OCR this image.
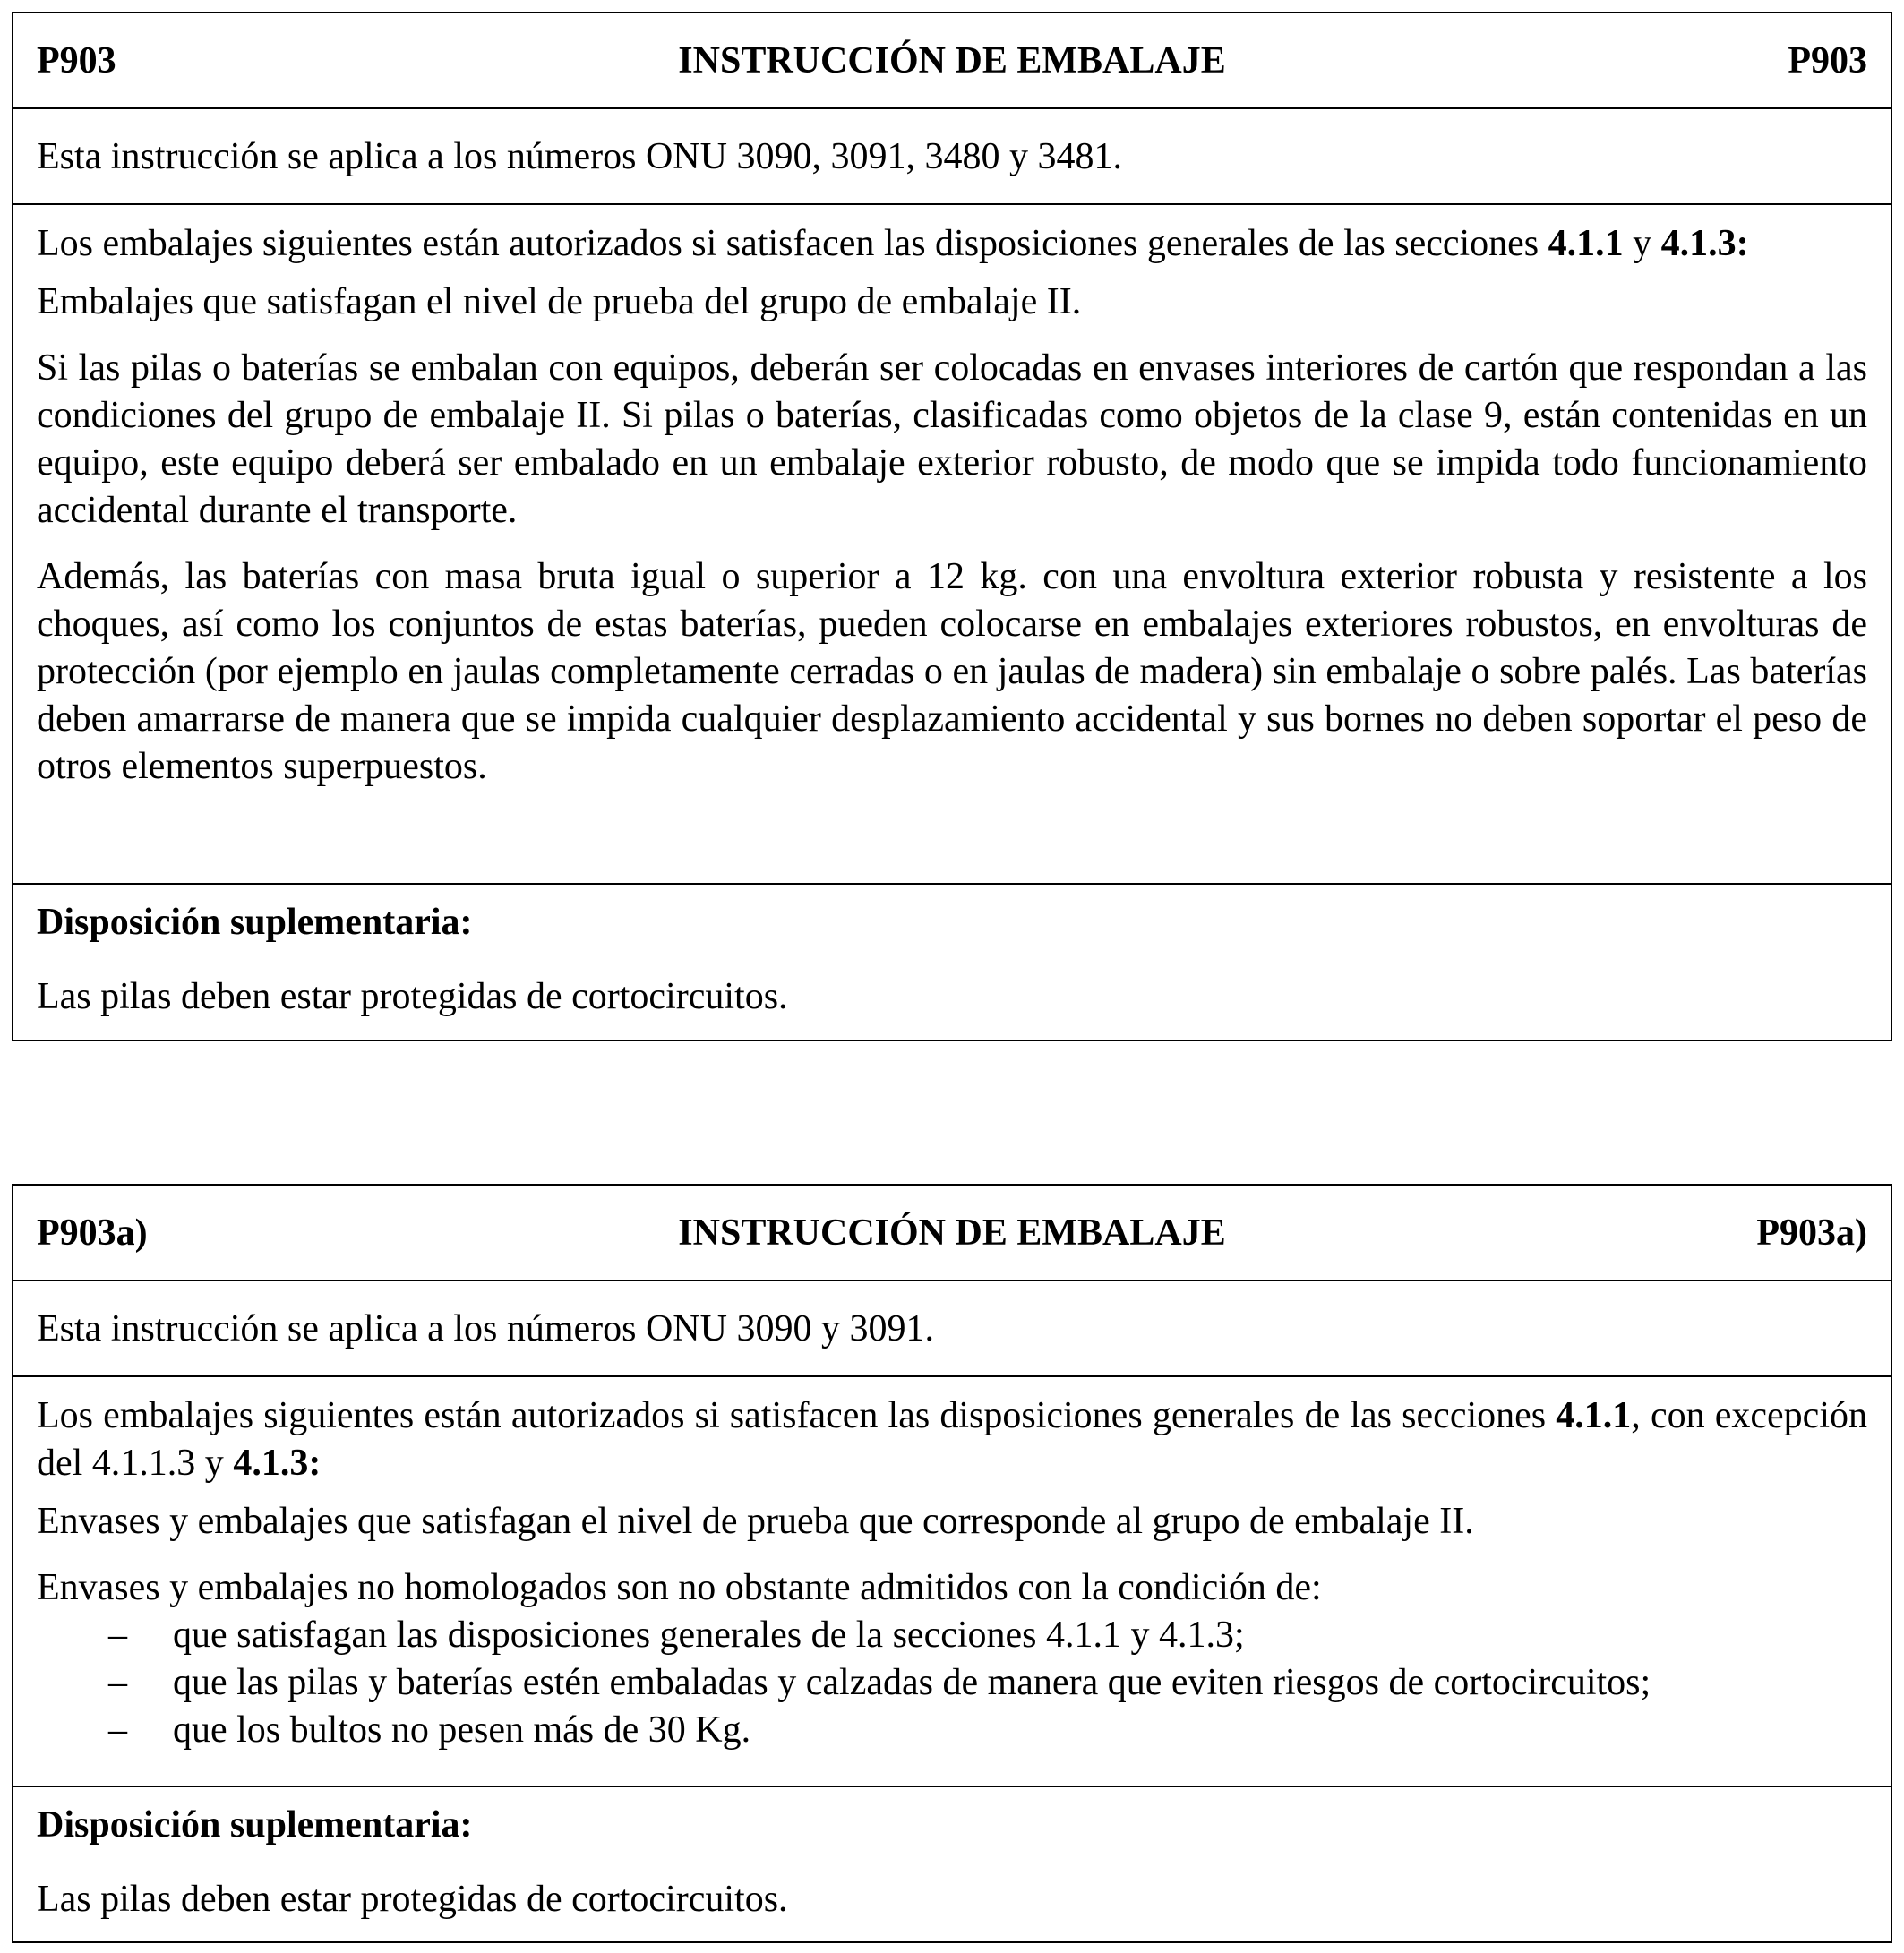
P903	INSTRUCCIÓN DE EMBALAJE	P903
Esta instrucción se aplica a los números ONU 3090, 3091, 3480 y 3481.

Los embalajes siguientes están autorizados si satisfacen las disposiciones generales de las secciones 4.1.1 y 4.1.3:

Embalajes que satisfagan el nivel de prueba del grupo de embalaje II.

Si las pilas o baterías se embalan con equipos, deberán ser colocadas en envases interiores de cartón que respondan a las condiciones del grupo de embalaje II. Si pilas o baterías, clasificadas como objetos de la clase 9, están contenidas en un equipo, este equipo deberá ser embalado en un embalaje exterior robusto, de modo que se impida todo funcionamiento accidental durante el transporte.

Además, las baterías con masa bruta igual o superior a 12 kg. con una envoltura exterior robusta y resistente a los choques, así como los conjuntos de estas baterías, pueden colocarse en embalajes exteriores robustos, en envolturas de protección (por ejemplo en jaulas completamente cerradas o en jaulas de madera) sin embalaje o sobre palés. Las baterías deben amarrarse de manera que se impida cualquier desplazamiento accidental y sus bornes no deben soportar el peso de otros elementos superpuestos.

Disposición suplementaria:

Las pilas deben estar protegidas de cortocircuitos.

P903a)	INSTRUCCIÓN DE EMBALAJE	P903a)
Esta instrucción se aplica a los números ONU 3090 y 3091.

Los embalajes siguientes están autorizados si satisfacen las disposiciones generales de las secciones 4.1.1, con excepción del 4.1.1.3 y 4.1.3:

Envases y embalajes que satisfagan el nivel de prueba que corresponde al grupo de embalaje II.

Envases y embalajes no homologados son no obstante admitidos con la condición de:

– que satisfagan las disposiciones generales de la secciones 4.1.1 y 4.1.3;
– que las pilas y baterías estén embaladas y calzadas de manera que eviten riesgos de cortocircuitos;
– que los bultos no pesen más de 30 Kg.

Disposición suplementaria:

Las pilas deben estar protegidas de cortocircuitos.
